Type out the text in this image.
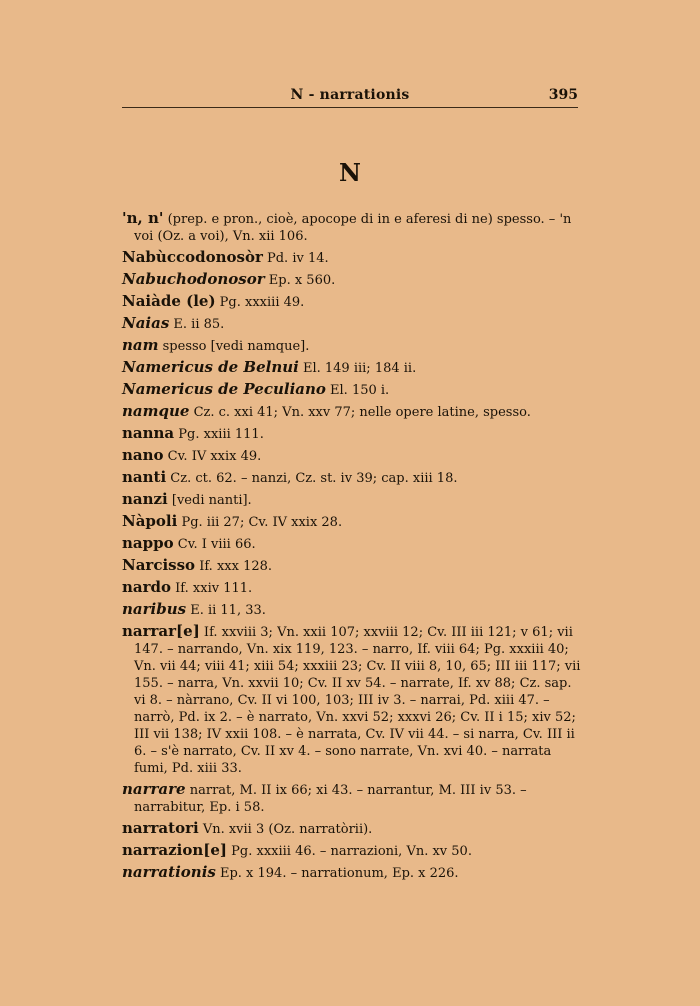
N - narrationis	395
N
'n, n' (prep. e pron., cioè, apocope di in e aferesi di ne) spesso. – 'n voi (Oz. a voi), Vn. xii 106.
Nabùccodonosòr Pd. iv 14.
Nabuchodonosor Ep. x 560.
Naiàde (le) Pg. xxxiii 49.
Naias E. ii 85.
nam spesso [vedi namque].
Namericus de Belnui El. 149 iii; 184 ii.
Namericus de Peculiano El. 150 i.
namque Cz. c. xxi 41; Vn. xxv 77; nelle opere latine, spesso.
nanna Pg. xxiii 111.
nano Cv. IV xxix 49.
nanti Cz. ct. 62. – nanzi, Cz. st. iv 39; cap. xiii 18.
nanzi [vedi nanti].
Nàpoli Pg. iii 27; Cv. IV xxix 28.
nappo Cv. I viii 66.
Narcisso If. xxx 128.
nardo If. xxiv 111.
naribus E. ii 11, 33.
narrar[e] If. xxviii 3; Vn. xxii 107; xxviii 12; Cv. III iii 121; v 61; vii 147. – narrando, Vn. xix 119, 123. – narro, If. viii 64; Pg. xxxiii 40; Vn. vii 44; viii 41; xiii 54; xxxiii 23; Cv. II viii 8, 10, 65; III iii 117; vii 155. – narra, Vn. xxvii 10; Cv. II xv 54. – narrate, If. xv 88; Cz. sap. vi 8. – nàrrano, Cv. II vi 100, 103; III iv 3. – narrai, Pd. xiii 47. – narrò, Pd. ix 2. – è narrato, Vn. xxvi 52; xxxvi 26; Cv. II i 15; xiv 52; III vii 138; IV xxii 108. – è narrata, Cv. IV vii 44. – si narra, Cv. III ii 6. – s'è narrato, Cv. II xv 4. – sono narrate, Vn. xvi 40. – narrata fumi, Pd. xiii 33.
narrare narrat, M. II ix 66; xi 43. – narrantur, M. III iv 53. – narrabitur, Ep. i 58.
narratori Vn. xvii 3 (Oz. narratòrii).
narrazion[e] Pg. xxxiii 46. – narrazioni, Vn. xv 50.
narrationis Ep. x 194. – narrationum, Ep. x 226.
